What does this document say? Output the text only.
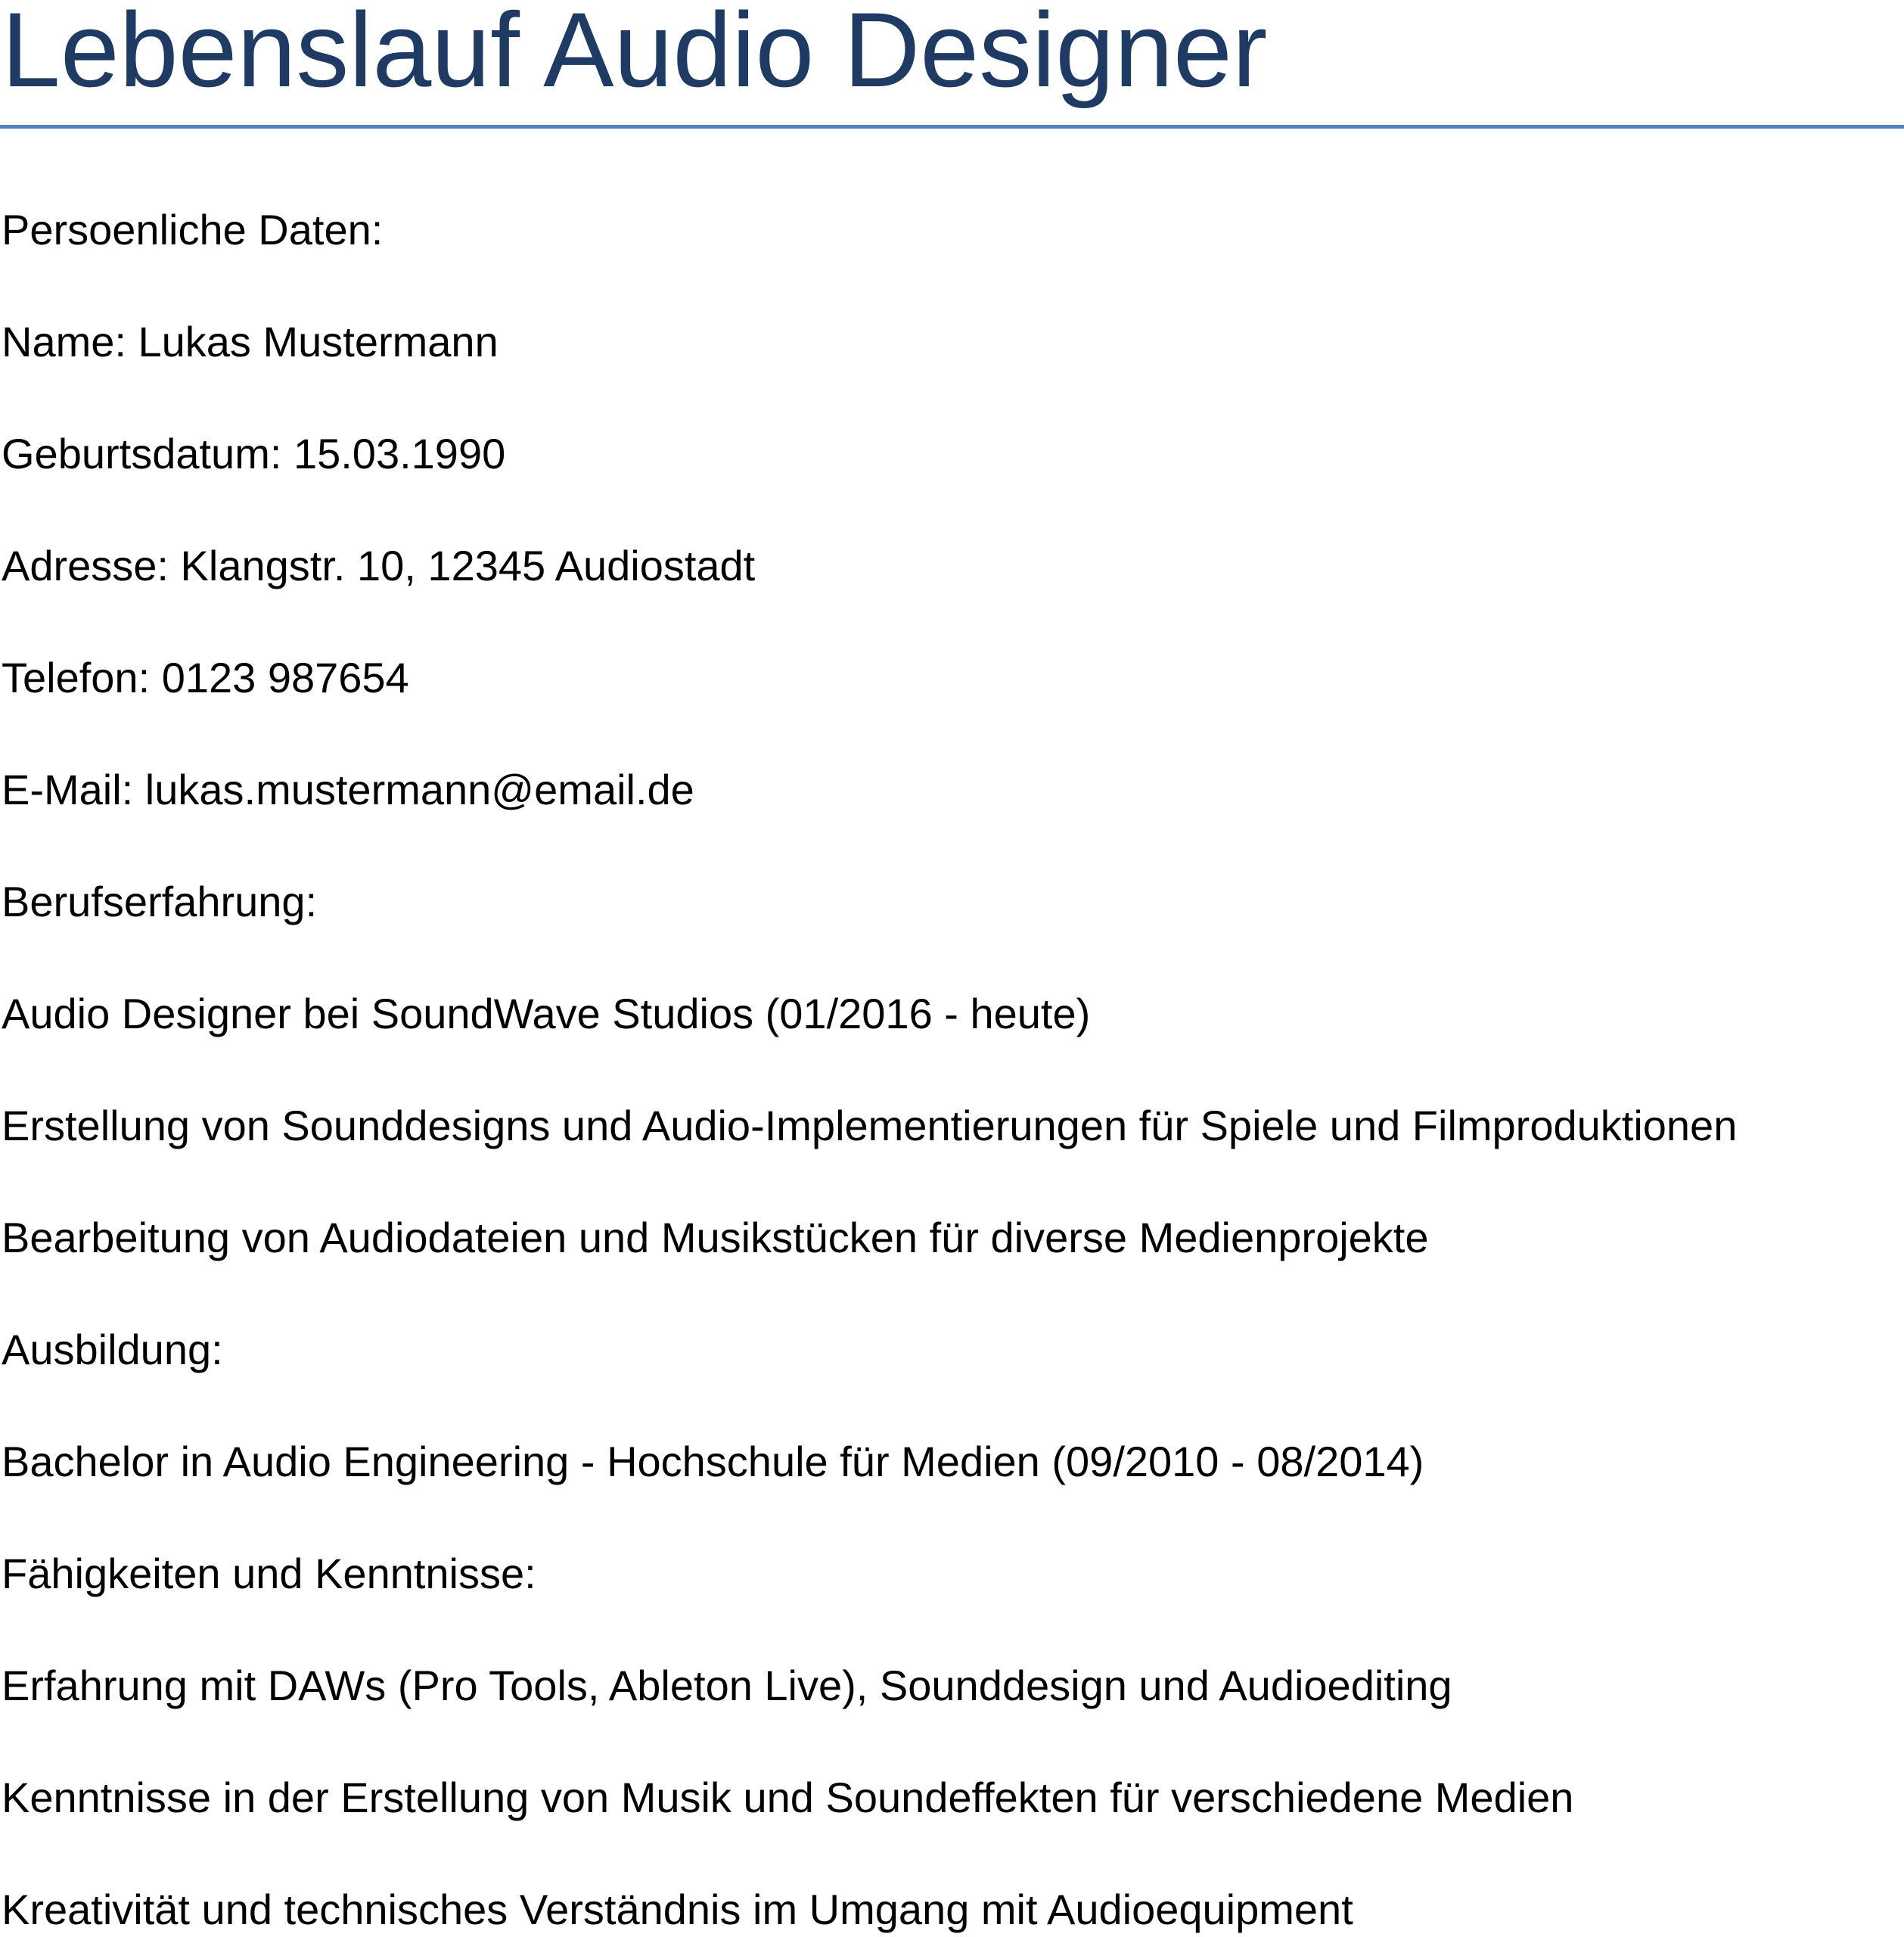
Lebenslauf Audio Designer

Persoenliche Daten:

Name: Lukas Mustermann

Geburtsdatum: 15.03.1990

Adresse: Klangstr. 10, 12345 Audiostadt

Telefon: 0123 987654

E-Mail: lukas.mustermann@email.de

Berufserfahrung:

Audio Designer bei SoundWave Studios (01/2016 - heute)

Erstellung von Sounddesigns und Audio-Implementierungen für Spiele und Filmproduktionen

Bearbeitung von Audiodateien und Musikstücken für diverse Medienprojekte

Ausbildung:

Bachelor in Audio Engineering - Hochschule für Medien (09/2010 - 08/2014)

Fähigkeiten und Kenntnisse:

Erfahrung mit DAWs (Pro Tools, Ableton Live), Sounddesign und Audioediting

Kenntnisse in der Erstellung von Musik und Soundeffekten für verschiedene Medien

Kreativität und technisches Verständnis im Umgang mit Audioequipment
